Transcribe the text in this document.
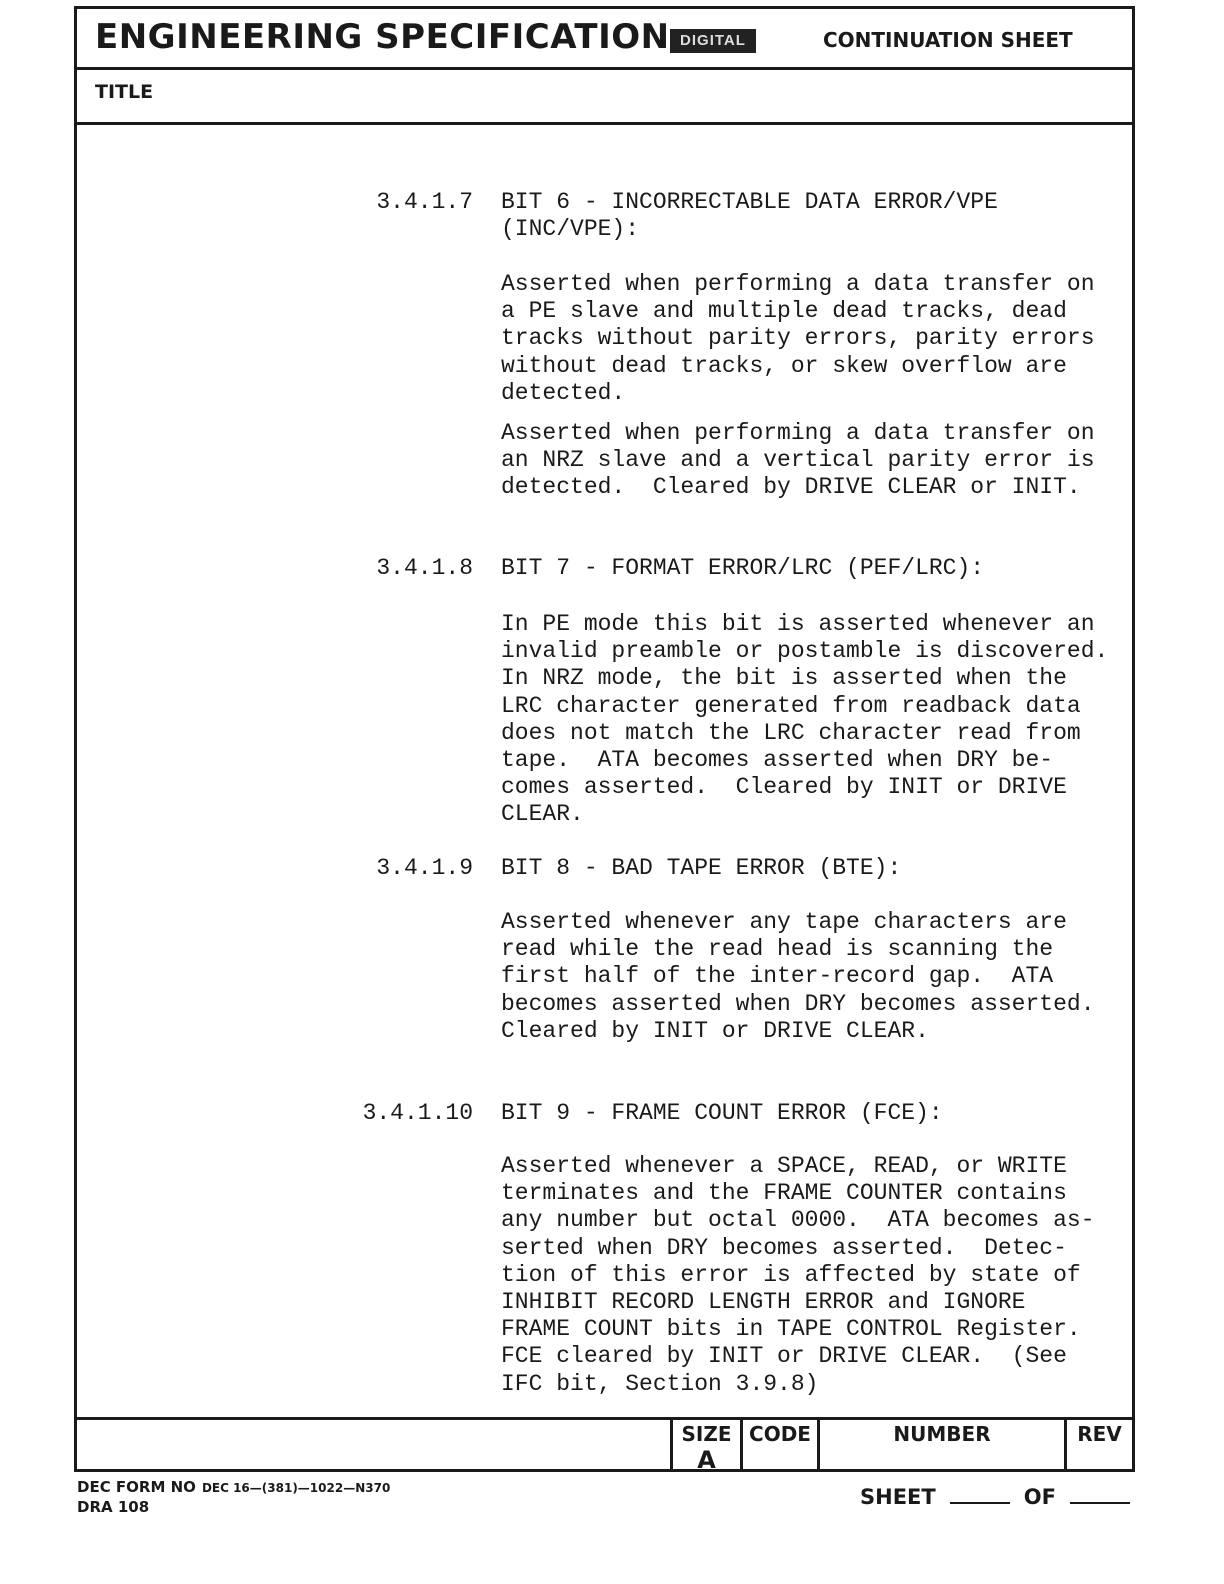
ENGINEERING SPECIFICATION DIGITAL	CONTINUATION SHEET
TITLE
3.4.1.7 BIT 6 - INCORRECTABLE DATA ERROR/VPE
(INC/VPE):
Asserted when performing a data transfer on
a PE slave and multiple dead tracks, dead
tracks without parity errors, parity errors
without dead tracks, or skew overflow are
detected.
Asserted when performing a data transfer on
an NRZ slave and a vertical parity error is
detected.  Cleared by DRIVE CLEAR or INIT.
3.4.1.8 BIT 7 - FORMAT ERROR/LRC (PEF/LRC):
In PE mode this bit is asserted whenever an
invalid preamble or postamble is discovered.
In NRZ mode, the bit is asserted when the
LRC character generated from readback data
does not match the LRC character read from
tape.  ATA becomes asserted when DRY be-
comes asserted.  Cleared by INIT or DRIVE
CLEAR.
3.4.1.9 BIT 8 - BAD TAPE ERROR (BTE):
Asserted whenever any tape characters are
read while the read head is scanning the
first half of the inter-record gap.  ATA
becomes asserted when DRY becomes asserted.
Cleared by INIT or DRIVE CLEAR.
3.4.1.10 BIT 9 - FRAME COUNT ERROR (FCE):
Asserted whenever a SPACE, READ, or WRITE
terminates and the FRAME COUNTER contains
any number but octal 0000.  ATA becomes as-
serted when DRY becomes asserted.  Detec-
tion of this error is affected by state of
INHIBIT RECORD LENGTH ERROR and IGNORE
FRAME COUNT bits in TAPE CONTROL Register.
FCE cleared by INIT or DRIVE CLEAR.  (See
IFC bit, Section 3.9.8)
SIZE
A
CODE	NUMBER	REV
DEC FORM NO DEC 16—(381)—1022—N370
DRA 108	SHEET	OF
